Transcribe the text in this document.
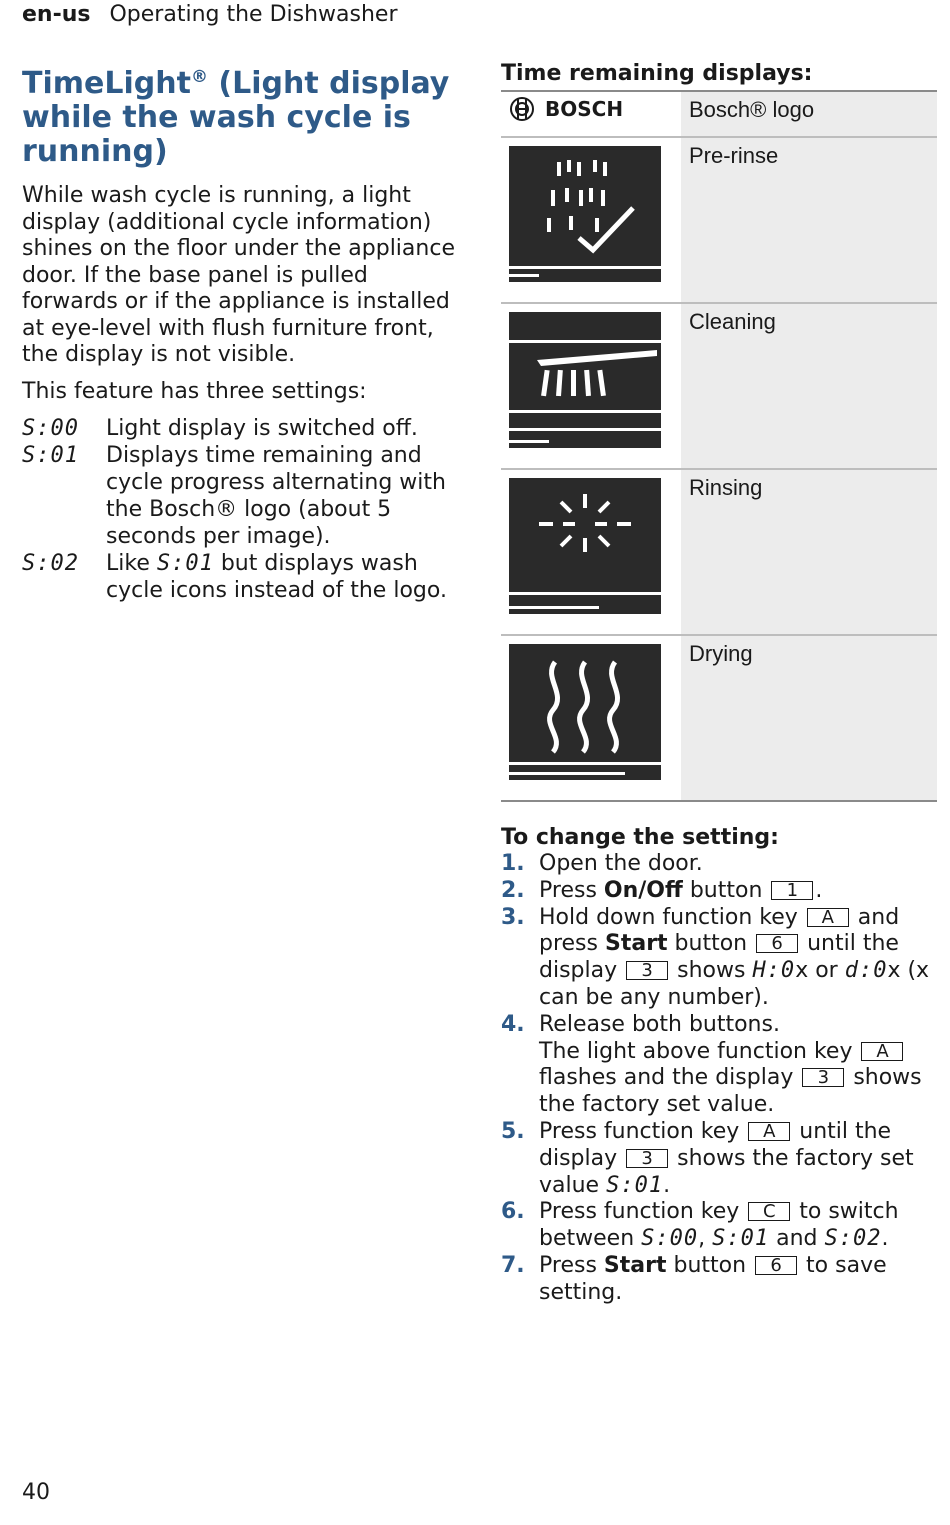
en-us Operating the Dishwasher
TimeLight® (Light display while the wash cycle is running)

While wash cycle is running, a light display (additional cycle information) shines on the floor under the appliance door. If the base panel is pulled forwards or if the appliance is installed at eye-level with flush furniture front, the display is not visible.

This feature has three settings:

S:00	Light display is switched off.
S:01	Displays time remaining and cycle progress alternating with the Bosch® logo (about 5 seconds per image).
S:02	Like S:01 but displays wash cycle icons instead of the logo.

Time remaining displays:

BOSCH	Bosch® logo

	Pre-rinse

	Cleaning

	Rinsing

	Drying

To change the setting:

1. Open the door.
2. Press On/Off button 1 .
3. Hold down function key A and press Start button 6 until the display 3 shows H:0x or d:0x (x can be any number).
4. Release both buttons.
The light above function key A flashes and the display 3 shows the factory set value.
5. Press function key A until the display 3 shows the factory set value S:01.
6. Press function key C to switch between S:00, S:01 and S:02.
7. Press Start button 6 to save setting.
40
